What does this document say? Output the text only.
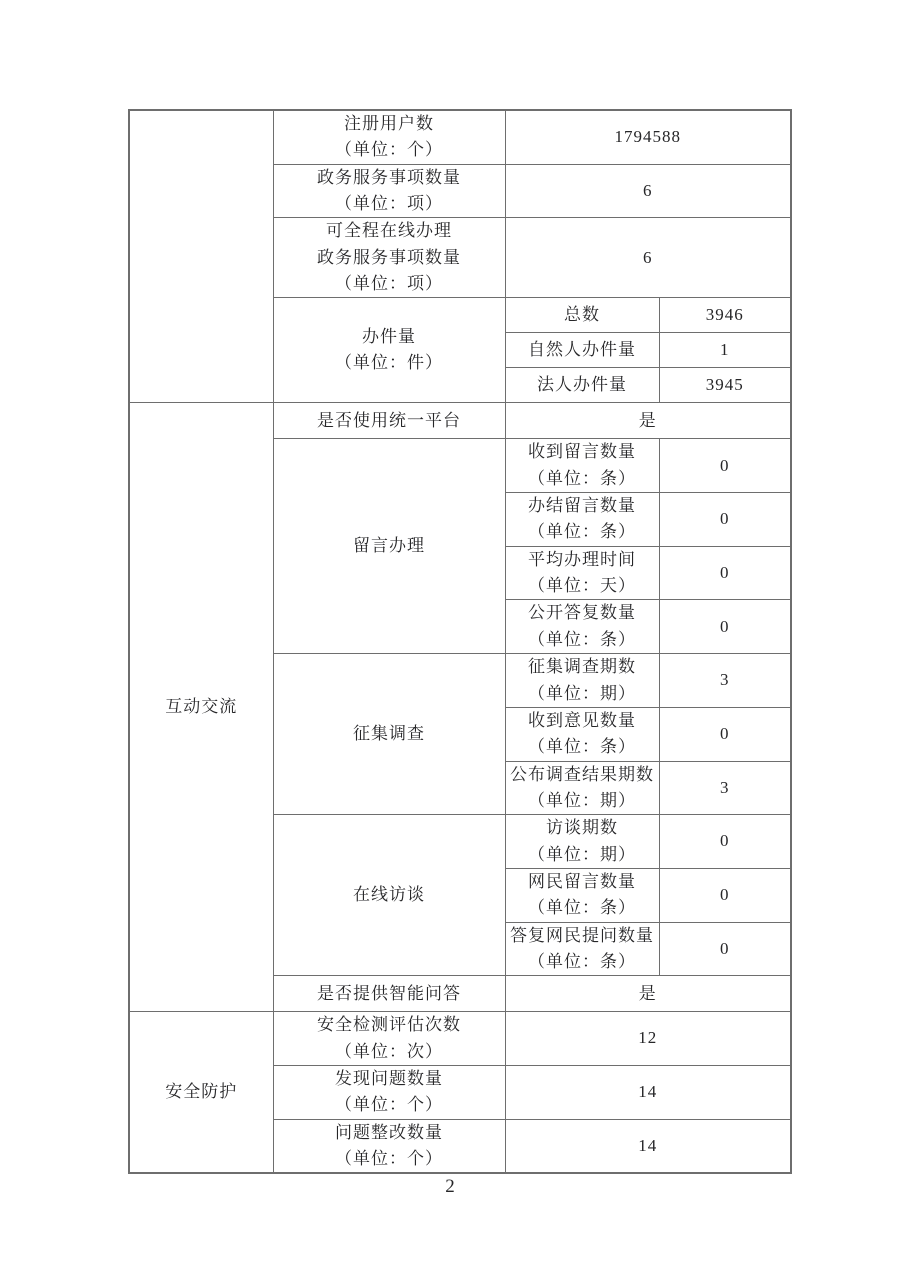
	注册用户数
（单位：个）	1794588	

	政务服务事项数量
（单位：项）	6	

	可全程在线办理
政务服务事项数量
（单位：项）	6	

	办件量
（单位：件）	总数	3946
		自然人办件量	1
		法人办件量	3945
互动交流	是否使用统一平台	是	
	留言办理	收到留言数量
（单位：条）	0

		办结留言数量
（单位：条）	0

		平均办理时间
（单位：天）	0

		公开答复数量
（单位：条）	0
	征集调查	征集调查期数
（单位：期）	3

		收到意见数量
（单位：条）	0

		公布调查结果期数
（单位：期）	3
	在线访谈	访谈期数
（单位：期）	0

		网民留言数量
（单位：条）	0

		答复网民提问数量
（单位：条）	0
	是否提供智能问答	是	
安全防护	安全检测评估次数
（单位：次）	12	

	发现问题数量
（单位：个）	14	

	问题整改数量
（单位：个）	14	
2
